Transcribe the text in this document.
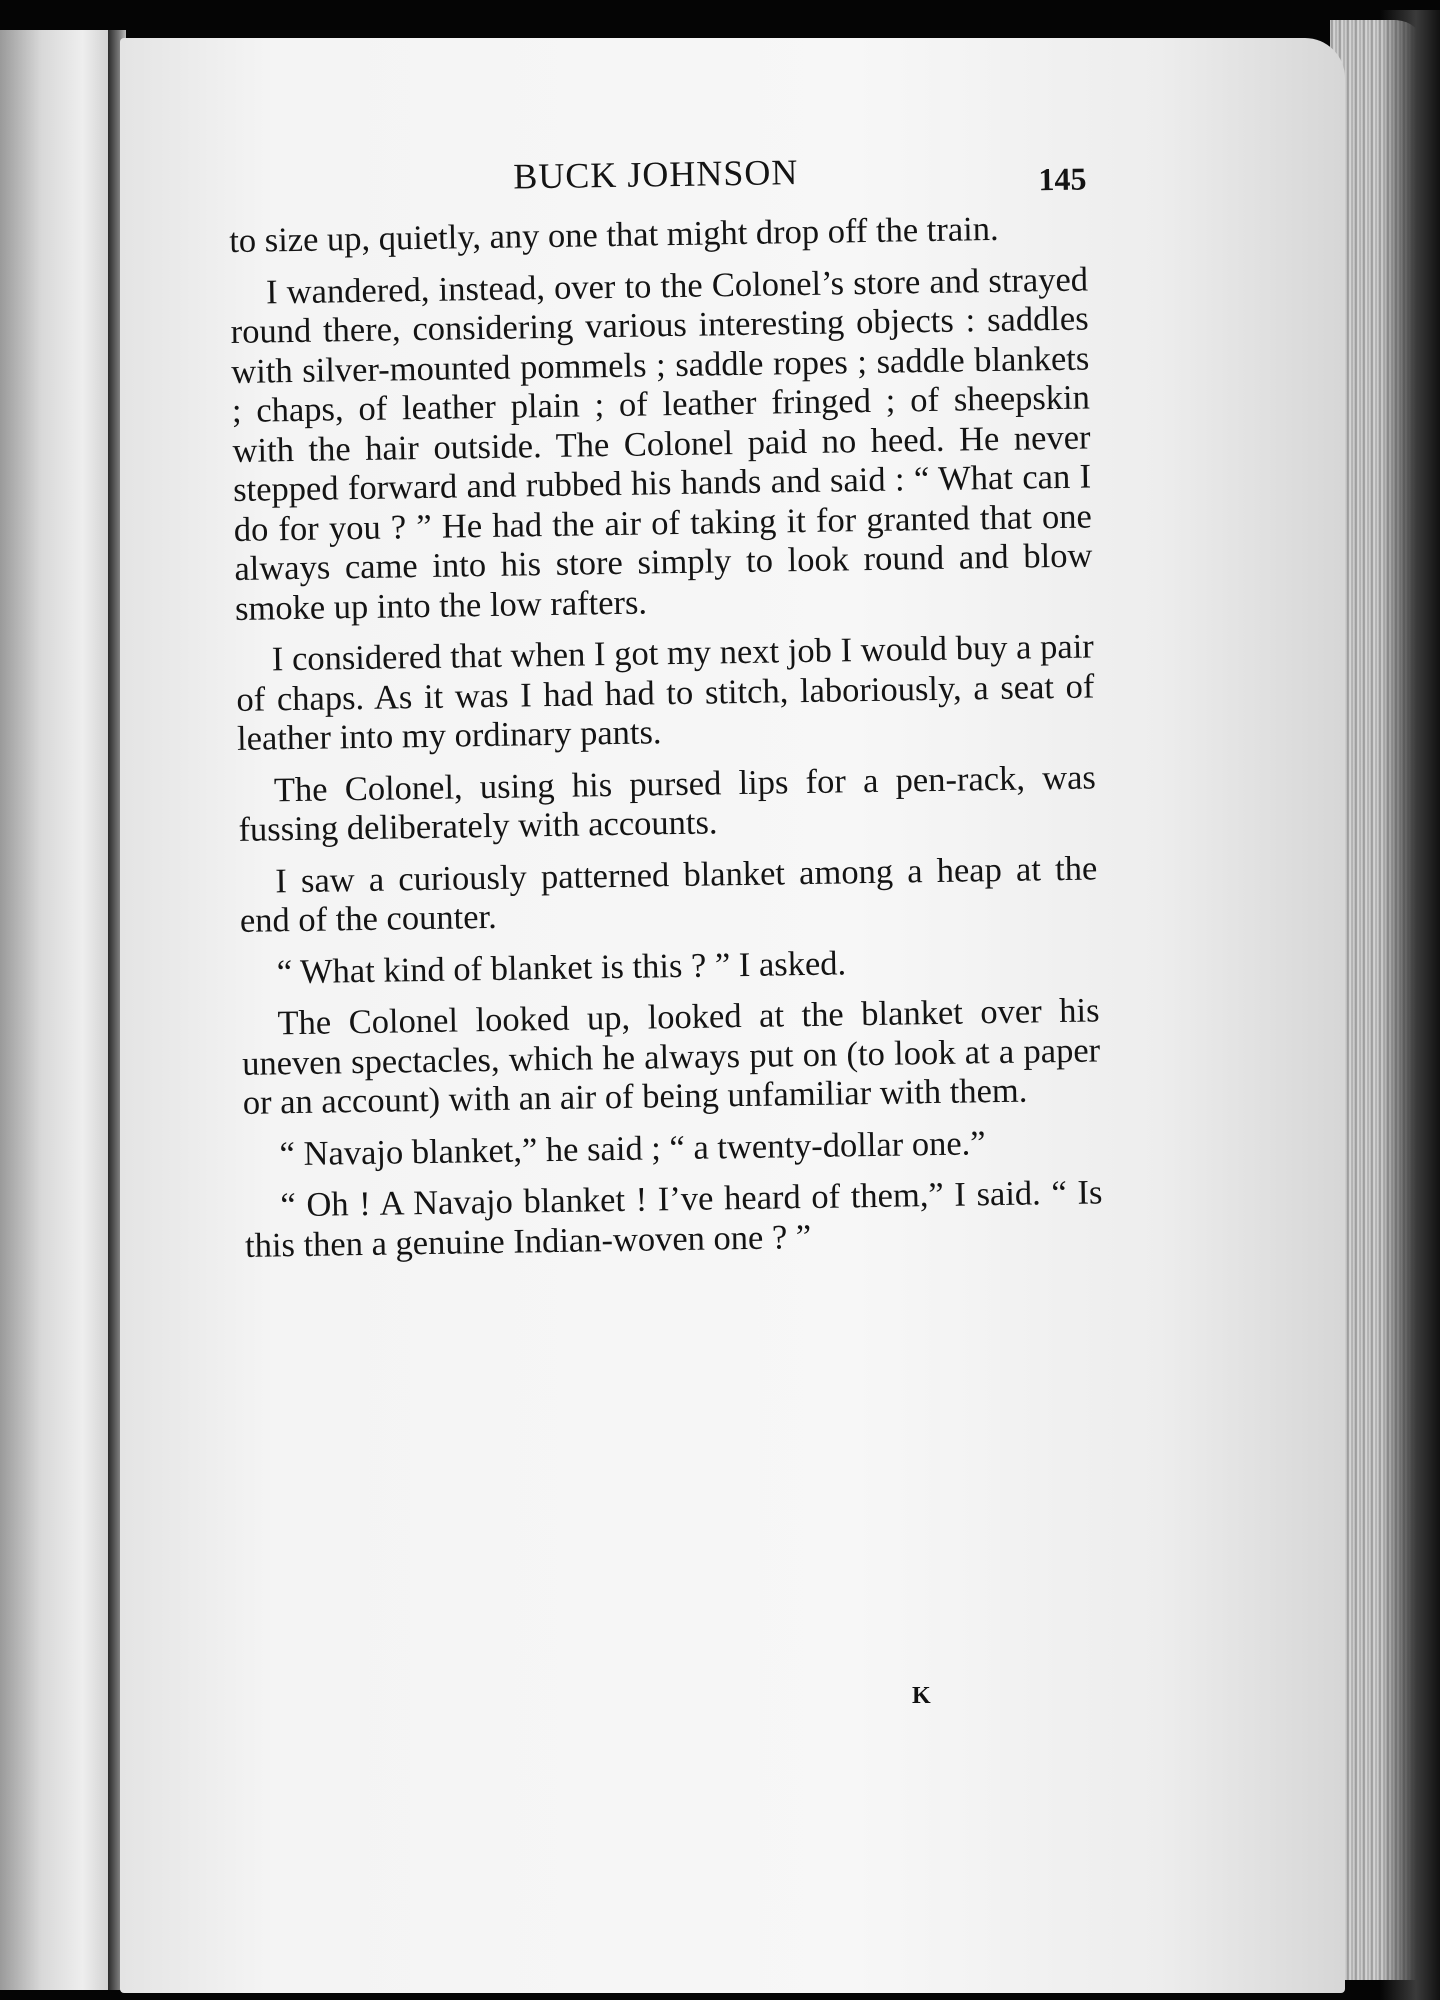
BUCK JOHNSON	145

to size up, quietly, any one that might drop off the train.

I wandered, instead, over to the Colonel’s store and strayed round there, considering various interesting objects : saddles with silver-mounted pommels ; saddle ropes ; saddle blankets ; chaps, of leather plain ; of leather fringed ; of sheepskin with the hair outside. The Colonel paid no heed. He never stepped forward and rubbed his hands and said : “ What can I do for you ? ” He had the air of taking it for granted that one always came into his store simply to look round and blow smoke up into the low rafters.

I considered that when I got my next job I would buy a pair of chaps. As it was I had had to stitch, laboriously, a seat of leather into my ordinary pants.

The Colonel, using his pursed lips for a pen-rack, was fussing deliberately with accounts.

I saw a curiously patterned blanket among a heap at the end of the counter.

“ What kind of blanket is this ? ” I asked.

The Colonel looked up, looked at the blanket over his uneven spectacles, which he always put on (to look at a paper or an account) with an air of being unfamiliar with them.

“ Navajo blanket,” he said ; “ a twenty-dollar one.”

“ Oh ! A Navajo blanket ! I’ve heard of them,” I said. “ Is this then a genuine Indian-woven one ? ”

K
